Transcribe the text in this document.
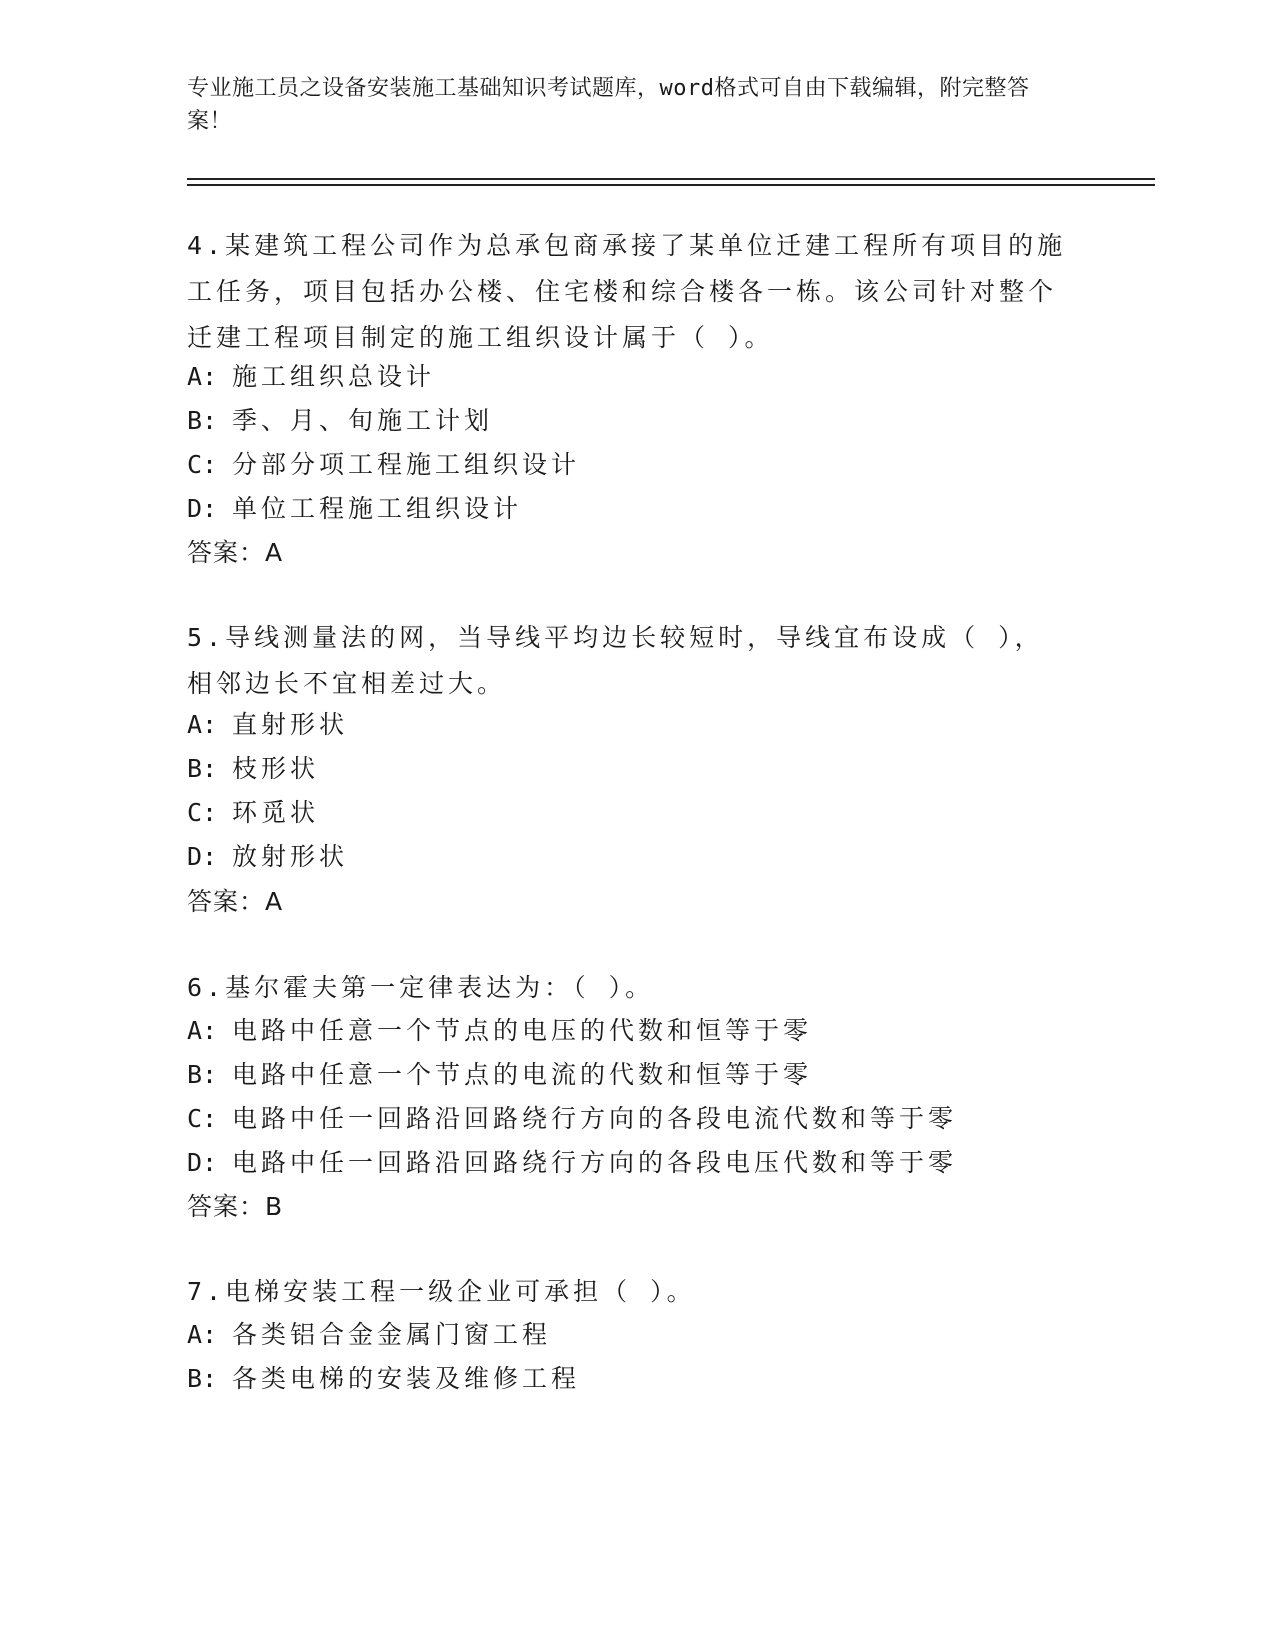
专业施工员之设备安装施工基础知识考试题库，word格式可自由下载编辑，附完整答案！
4.某建筑工程公司作为总承包商承接了某单位迁建工程所有项目的施工任务，项目包括办公楼、住宅楼和综合楼各一栋。该公司针对整个迁建工程项目制定的施工组织设计属于（ ）。
A: 施工组织总设计
B: 季、月、旬施工计划
C: 分部分项工程施工组织设计
D: 单位工程施工组织设计
答案：A
5.导线测量法的网，当导线平均边长较短时，导线宜布设成（ ），相邻边长不宜相差过大。
A: 直射形状
B: 枝形状
C: 环觅状
D: 放射形状
答案：A
6.基尔霍夫第一定律表达为：（ ）。
A: 电路中任意一个节点的电压的代数和恒等于零
B: 电路中任意一个节点的电流的代数和恒等于零
C: 电路中任一回路沿回路绕行方向的各段电流代数和等于零
D: 电路中任一回路沿回路绕行方向的各段电压代数和等于零
答案：B
7.电梯安装工程一级企业可承担（ ）。
A: 各类铝合金金属门窗工程
B: 各类电梯的安装及维修工程
